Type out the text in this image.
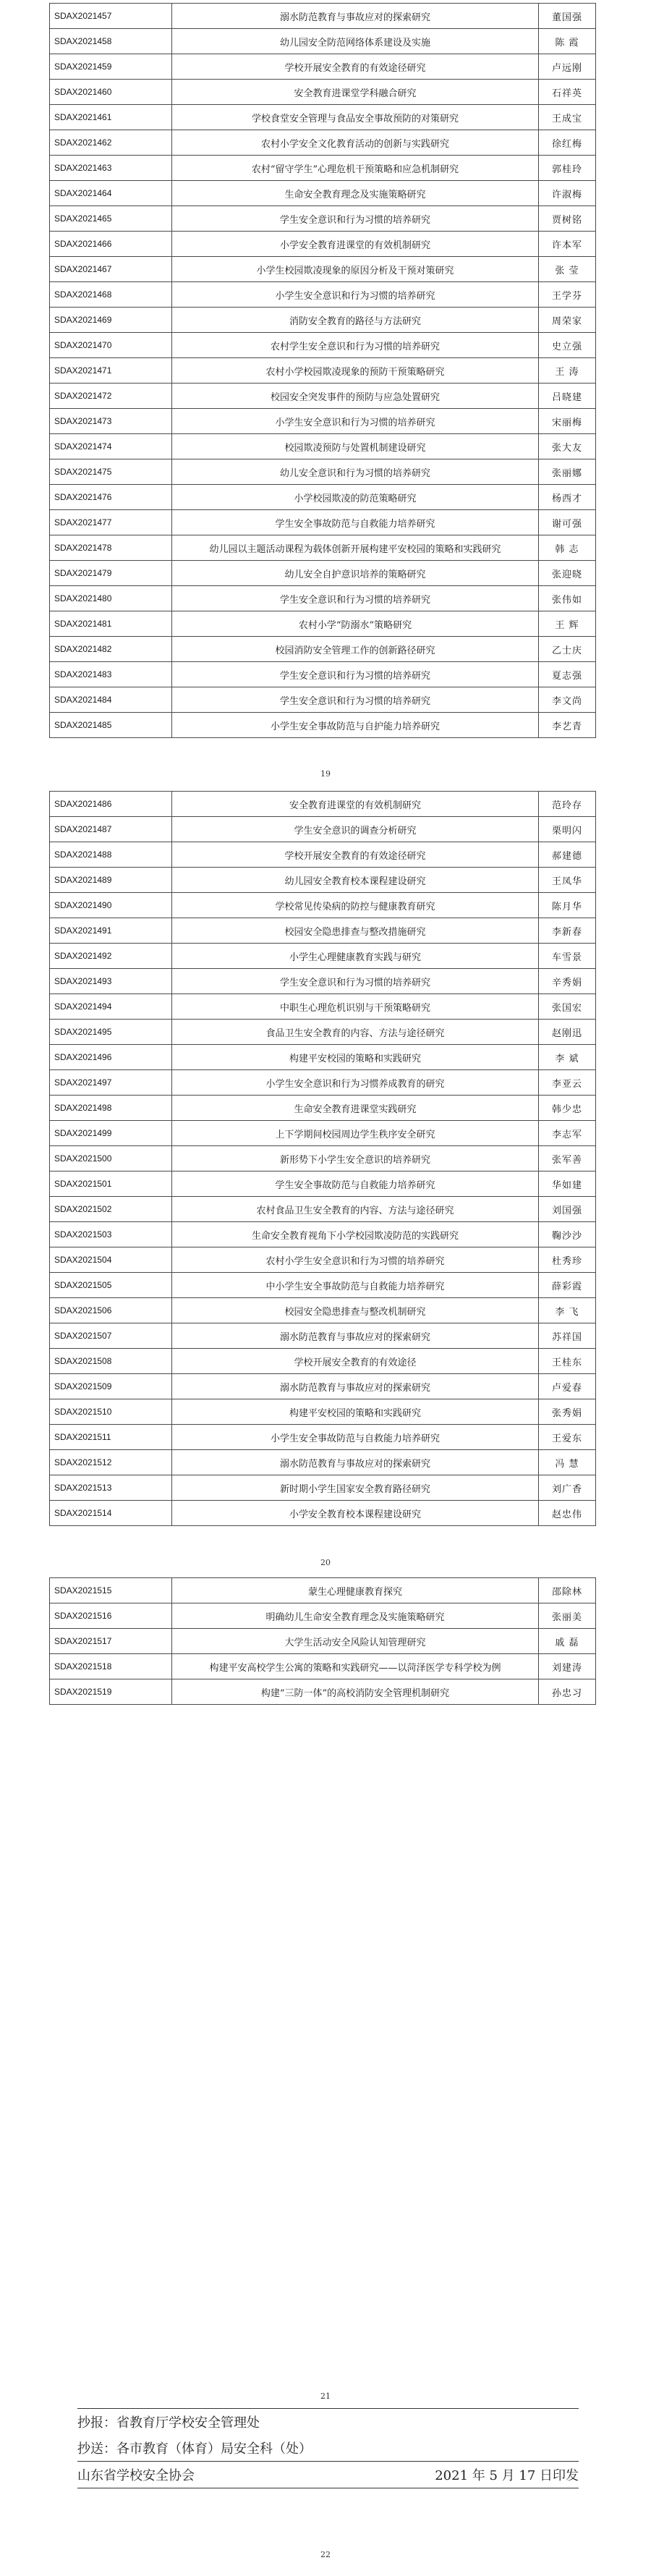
SDAX2021457	溺水防范教育与事故应对的探索研究	董国强
SDAX2021458	幼儿园安全防范网络体系建设及实施	陈 霞
SDAX2021459	学校开展安全教育的有效途径研究	卢远刚
SDAX2021460	安全教育进课堂学科融合研究	石祥英
SDAX2021461	学校食堂安全管理与食品安全事故预防的对策研究	王成宝
SDAX2021462	农村小学安全文化教育活动的创新与实践研究	徐红梅
SDAX2021463	农村“留守学生”心理危机干预策略和应急机制研究	郭桂玲
SDAX2021464	生命安全教育理念及实施策略研究	许淑梅
SDAX2021465	学生安全意识和行为习惯的培养研究	贾树铭
SDAX2021466	小学安全教育进课堂的有效机制研究	许本军
SDAX2021467	小学生校园欺凌现象的原因分析及干预对策研究	张 莹
SDAX2021468	小学生安全意识和行为习惯的培养研究	王学芬
SDAX2021469	消防安全教育的路径与方法研究	周荣家
SDAX2021470	农村学生安全意识和行为习惯的培养研究	史立强
SDAX2021471	农村小学校园欺凌现象的预防干预策略研究	王 涛
SDAX2021472	校园安全突发事件的预防与应急处置研究	吕晓建
SDAX2021473	小学生安全意识和行为习惯的培养研究	宋丽梅
SDAX2021474	校园欺凌预防与处置机制建设研究	张大友
SDAX2021475	幼儿安全意识和行为习惯的培养研究	张丽娜
SDAX2021476	小学校园欺凌的防范策略研究	杨西才
SDAX2021477	学生安全事故防范与自救能力培养研究	谢可强
SDAX2021478	幼儿园以主题活动课程为载体创新开展构建平安校园的策略和实践研究	韩 志
SDAX2021479	幼儿安全自护意识培养的策略研究	张迎晓
SDAX2021480	学生安全意识和行为习惯的培养研究	张伟如
SDAX2021481	农村小学“防溺水”策略研究	王 辉
SDAX2021482	校园消防安全管理工作的创新路径研究	乙士庆
SDAX2021483	学生安全意识和行为习惯的培养研究	夏志强
SDAX2021484	学生安全意识和行为习惯的培养研究	李文尚
SDAX2021485	小学生安全事故防范与自护能力培养研究	李艺青
19
SDAX2021486	安全教育进课堂的有效机制研究	范玲存
SDAX2021487	学生安全意识的调查分析研究	栗明闪
SDAX2021488	学校开展安全教育的有效途径研究	郝建德
SDAX2021489	幼儿园安全教育校本课程建设研究	王凤华
SDAX2021490	学校常见传染病的防控与健康教育研究	陈月华
SDAX2021491	校园安全隐患排查与整改措施研究	李新春
SDAX2021492	小学生心理健康教育实践与研究	车雪景
SDAX2021493	学生安全意识和行为习惯的培养研究	辛秀娟
SDAX2021494	中职生心理危机识别与干预策略研究	张国宏
SDAX2021495	食品卫生安全教育的内容、方法与途径研究	赵刚迅
SDAX2021496	构建平安校园的策略和实践研究	李 斌
SDAX2021497	小学生安全意识和行为习惯养成教育的研究	李亚云
SDAX2021498	生命安全教育进课堂实践研究	韩少忠
SDAX2021499	上下学期间校园周边学生秩序安全研究	李志军
SDAX2021500	新形势下小学生安全意识的培养研究	张军善
SDAX2021501	学生安全事故防范与自救能力培养研究	华如建
SDAX2021502	农村食品卫生安全教育的内容、方法与途径研究	刘国强
SDAX2021503	生命安全教育视角下小学校园欺凌防范的实践研究	鞠沙沙
SDAX2021504	农村小学生安全意识和行为习惯的培养研究	杜秀珍
SDAX2021505	中小学生安全事故防范与自救能力培养研究	薛彩霞
SDAX2021506	校园安全隐患排查与整改机制研究	李 飞
SDAX2021507	溺水防范教育与事故应对的探索研究	苏祥国
SDAX2021508	学校开展安全教育的有效途径	王桂东
SDAX2021509	溺水防范教育与事故应对的探索研究	卢爱春
SDAX2021510	构建平安校园的策略和实践研究	张秀娟
SDAX2021511	小学生安全事故防范与自救能力培养研究	王爱东
SDAX2021512	溺水防范教育与事故应对的探索研究	冯 慧
SDAX2021513	新时期小学生国家安全教育路径研究	刘广香
SDAX2021514	小学安全教育校本课程建设研究	赵忠伟
20
SDAX2021515	蒙生心理健康教育探究	邵除林
SDAX2021516	明确幼儿生命安全教育理念及实施策略研究	张丽美
SDAX2021517	大学生活动安全风险认知管理研究	戚 磊
SDAX2021518	构建平安高校学生公寓的策略和实践研究——以菏泽医学专科学校为例	刘建涛
SDAX2021519	构建“三防一体”的高校消防安全管理机制研究	孙忠习
21
抄报：省教育厅学校安全管理处
抄送：各市教育（体育）局安全科（处）
山东省学校安全协会	2021 年 5 月 17 日印发
22
